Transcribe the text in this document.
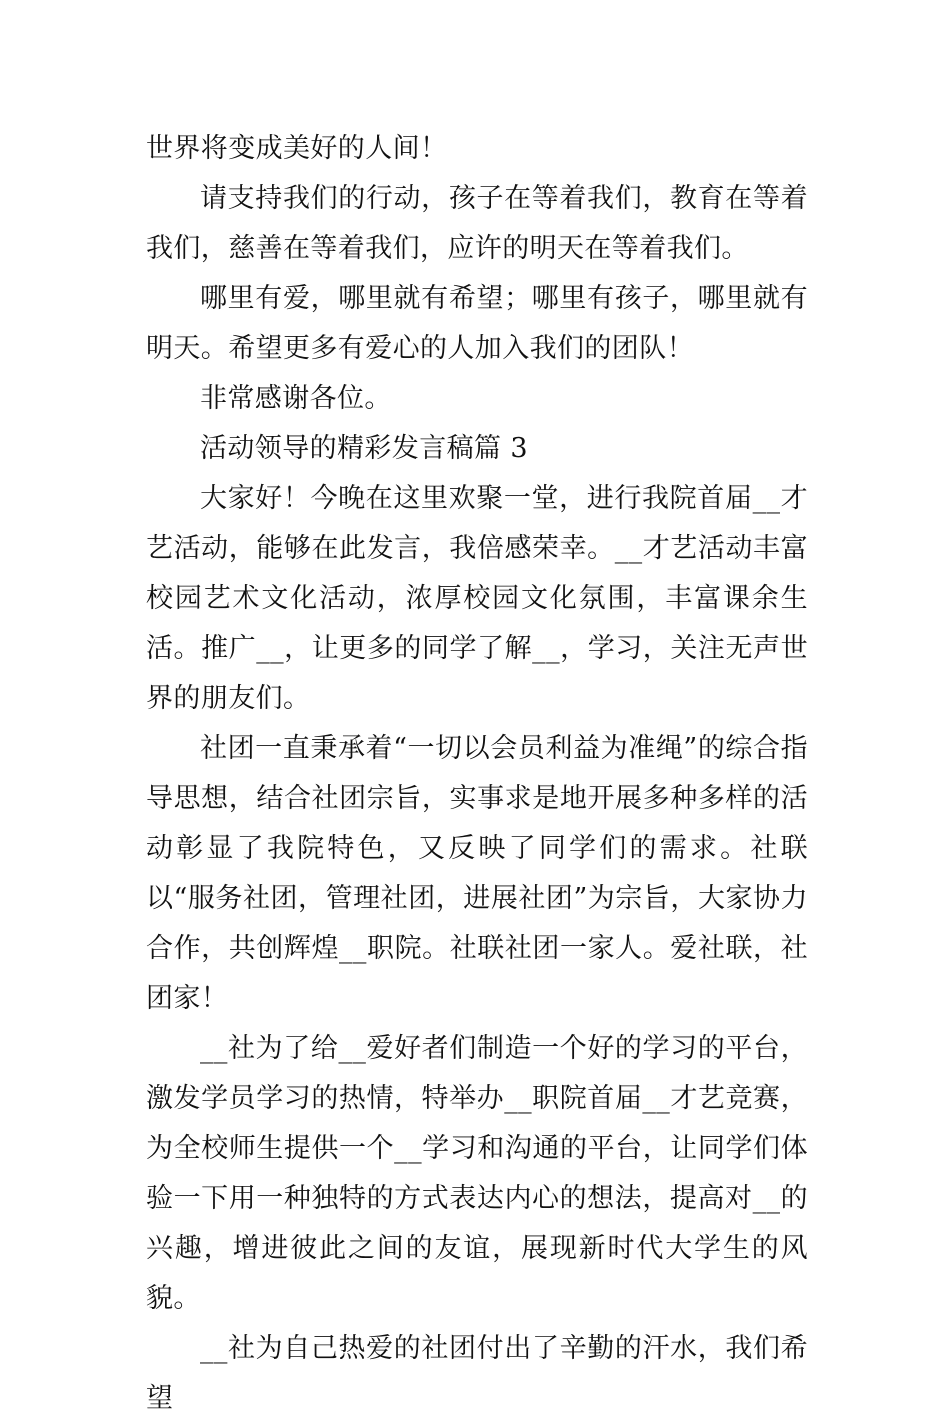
世界将变成美好的人间！

请支持我们的行动，孩子在等着我们，教育在等着我们，慈善在等着我们，应许的明天在等着我们。

哪里有爱，哪里就有希望；哪里有孩子，哪里就有明天。希望更多有爱心的人加入我们的团队！

非常感谢各位。

活动领导的精彩发言稿篇 3

大家好！今晚在这里欢聚一堂，进行我院首届__才艺活动，能够在此发言，我倍感荣幸。__才艺活动丰富校园艺术文化活动，浓厚校园文化氛围，丰富课余生活。推广__，让更多的同学了解__，学习，关注无声世界的朋友们。

社团一直秉承着“一切以会员利益为准绳”的综合指导思想，结合社团宗旨，实事求是地开展多种多样的活动彰显了我院特色，又反映了同学们的需求。社联以“服务社团，管理社团，进展社团”为宗旨，大家协力合作，共创辉煌__职院。社联社团一家人。爱社联，社团家！

__社为了给__爱好者们制造一个好的学习的平台，激发学员学习的热情，特举办__职院首届__才艺竞赛，为全校师生提供一个__学习和沟通的平台，让同学们体验一下用一种独特的方式表达内心的想法，提高对__的兴趣，增进彼此之间的友谊，展现新时代大学生的风貌。

__社为自己热爱的社团付出了辛勤的汗水，我们希望
